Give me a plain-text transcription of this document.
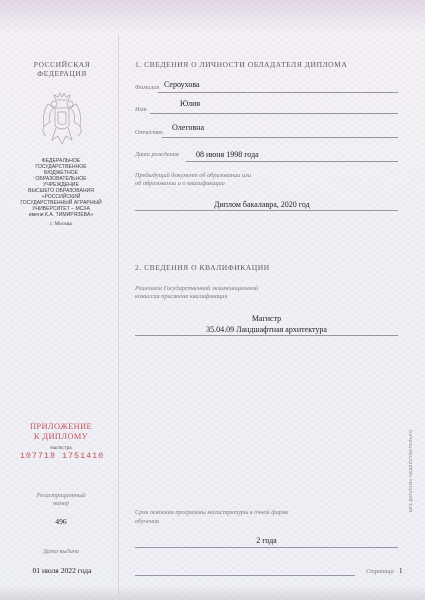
РОССИЙСКАЯ
ФЕДЕРАЦИЯ
ФЕДЕРАЛЬНОЕ
ГОСУДАРСТВЕННОЕ БЮДЖЕТНОЕ
ОБРАЗОВАТЕЛЬНОЕ УЧРЕЖДЕНИЕ
ВЫСШЕГО ОБРАЗОВАНИЯ
«РОССИЙСКИЙ
ГОСУДАРСТВЕННЫЙ АГРАРНЫЙ
УНИВЕРСИТЕТ – МСХА
имени К.А. ТИМИРЯЗЕВА»
г. Москва
ПРИЛОЖЕНИЕ
К ДИПЛОМУ
магистра
107718 1751410
Регистрационный
номер
496
Дата выдачи
01 июля 2022 года
1. СВЕДЕНИЯ О ЛИЧНОСТИ ОБЛАДАТЕЛЯ ДИПЛОМА
Фамилия Сероухова
Имя
Юлия
Отчество
Олеговна
Дата рождения 08 июня 1998 года
Предыдущий документ об образовании или
об образовании и о квалификации
Диплом бакалавра, 2020 год
2. СВЕДЕНИЯ О КВАЛИФИКАЦИИ
Решением Государственной экзаменационной
комиссии присвоена квалификация
Магистр
35.04.09 Ландшафтная архитектура
Срок освоения программы магистратуры в очной форме
обучения
2 года
Страница 1
БЕЗ ДИПЛОМА НЕДЕЙСТВИТЕЛЬНО
